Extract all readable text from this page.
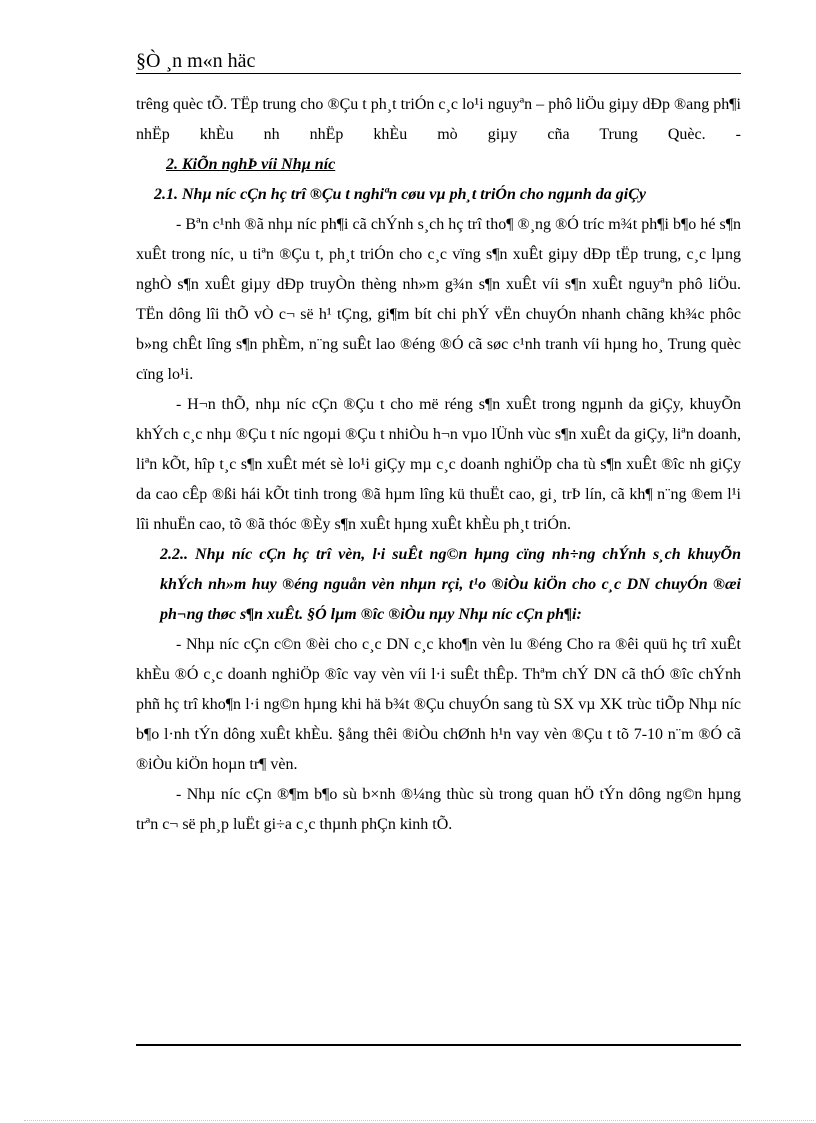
§Ò ¸n m«n häc

trêng quèc tÕ. TËp trung cho ®Çu t ph¸t triÓn c¸c lo¹i nguyªn – phô liÖu giµy dÐp ®ang ph¶i nhËp khÈu nh nhËp khÈu mò giµy cña Trung Quèc. -

2. KiÕn nghÞ víi Nhµ níc
2.1. Nhµ níc cÇn hç trî ®Çu t nghiªn cøu vµ ph¸t triÓn cho ngµnh da giÇy

- Bªn c¹nh ®ã nhµ níc ph¶i cã chÝnh s¸ch hç trî tho¶ ®¸ng ®Ó tríc m¾t ph¶i b¶o hé s¶n xuÊt trong níc, u tiªn ®Çu t, ph¸t triÓn cho c¸c vïng s¶n xuÊt giµy dÐp tËp trung, c¸c lµng nghÒ s¶n xuÊt giµy dÐp truyÒn thèng nh»m g¾n s¶n xuÊt víi s¶n xuÊt nguyªn phô liÖu. TËn dông lîi thÕ vÒ c¬ së h¹ tÇng, gi¶m bít chi phÝ vËn chuyÓn nhanh chãng kh¾c phôc b»ng chÊt lîng s¶n phÈm, n¨ng suÊt lao ®éng ®Ó cã søc c¹nh tranh víi hµng ho¸ Trung quèc cïng lo¹i.

- H¬n thÕ, nhµ níc cÇn ®Çu t cho më réng s¶n xuÊt trong ngµnh da giÇy, khuyÕn khÝch c¸c nhµ ®Çu t níc ngoµi ®Çu t nhiÒu h¬n vµo lÜnh vùc s¶n xuÊt da giÇy, liªn doanh, liªn kÕt, hîp t¸c s¶n xuÊt mét sè lo¹i giÇy mµ c¸c doanh nghiÖp cha tù s¶n xuÊt ®îc nh giÇy da cao cÊp ®ßi hái kÕt tinh trong ®ã hµm lîng kü thuËt cao, gi¸ trÞ lín, cã kh¶ n¨ng ®em l¹i lîi nhuËn cao, tõ ®ã thóc ®Èy s¶n xuÊt hµng xuÊt khÈu ph¸t triÓn.

2.2.. Nhµ níc cÇn hç trî vèn, l·i suÊt ng©n hµng cïng nh÷ng chÝnh s¸ch khuyÕn khÝch nh»m huy ®éng nguån vèn nhµn rçi, t¹o ®iÒu kiÖn cho c¸c DN chuyÓn ®æi ph¬ng thøc s¶n xuÊt. §Ó lµm ®îc ®iÒu nµy Nhµ níc cÇn ph¶i:

- Nhµ níc cÇn c©n ®èi cho c¸c DN c¸c kho¶n vèn lu ®éng Cho ra ®êi quü hç trî xuÊt khÈu ®Ó c¸c doanh nghiÖp ®îc vay vèn víi l·i suÊt thÊp. Thªm chÝ DN cã thÓ ®îc chÝnh phñ hç trî kho¶n l·i ng©n hµng khi hä b¾t ®Çu chuyÓn sang tù SX vµ XK trùc tiÕp Nhµ níc b¶o l·nh tÝn dông xuÊt khÈu. §ång thêi ®iÒu chØnh h¹n vay vèn ®Çu t tõ 7-10 n¨m ®Ó cã ®iÒu kiÖn hoµn tr¶ vèn.

- Nhµ níc cÇn ®¶m b¶o sù b×nh ®¼ng thùc sù trong quan hÖ tÝn dông ng©n hµng trªn c¬ së ph¸p luËt gi÷a c¸c thµnh phÇn kinh tÕ.
